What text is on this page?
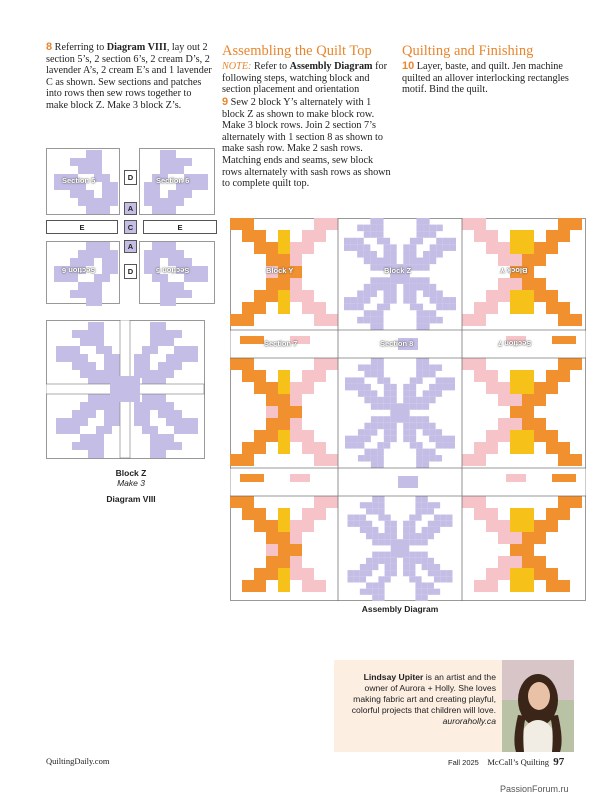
8 Referring to Diagram VIII, lay out 2 section 5’s, 2 section 6’s, 2 cream D’s, 2 lavender A’s, 2 cream E’s and 1 lavender C as shown. Sew sections and patches into rows then sew rows together to make block Z. Make 3 block Z’s.
Assembling the Quilt Top
NOTE: Refer to Assembly Diagram for following steps, watching block and section placement and orientation
9 Sew 2 block Y’s alternately with 1 block Z as shown to make block row. Make 3 block rows. Join 2 section 7’s alternately with 1 section 8 as shown to make sash row. Make 2 sash rows. Matching ends and seams, sew block rows alternately with sash rows as shown to complete quilt top.
Quilting and Finishing
10 Layer, baste, and quilt. Jen machine quilted an allover interlocking rectangles motif. Bind the quilt.
Section 5	Section 6
Section 6	Section 5
D
A
E	C	E
A
D
Block Z
Make 3
Diagram VIII
Block Y	Block Z	Block Y
Section 7	Section 8	Section 7
Assembly Diagram
Lindsay Upiter is an artist and the owner of Aurora + Holly. She loves making fabric art and creating playful, colorful projects that children will love.
auroraholly.ca
QuiltingDaily.com	Fall 2025 McCall’s Quilting 97
PassionForum.ru
